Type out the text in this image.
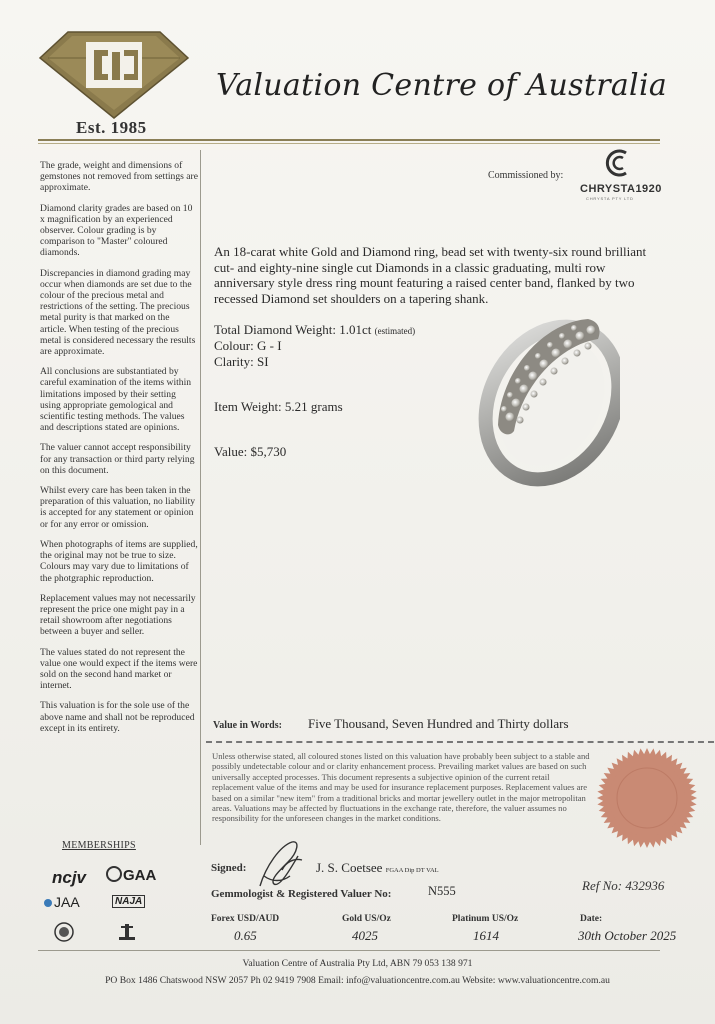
Est. 1985
Valuation Centre of Australia

The grade, weight and dimensions of gemstones not removed from settings are approximate.

Diamond clarity grades are based on 10 x magnification by an experienced observer. Colour grading is by comparison to "Master" coloured diamonds.

Discrepancies in diamond grading may occur when diamonds are set due to the colour of the precious metal and restrictions of the setting. The precious metal purity is that marked on the article. When testing of the precious metal is considered necessary the results are approximate.

All conclusions are substantiated by careful examination of the items within limitations imposed by their setting using appropriate gemological and scientific testing methods. The values and descriptions stated are opinions.

The valuer cannot accept responsibility for any transaction or third party relying on this document.

Whilst every care has been taken in the preparation of this valuation, no liability is accepted for any statement or opinion or for any error or omission.

When photographs of items are supplied, the original may not be true to size. Colours may vary due to limitations of the photgraphic reproduction.

Replacement values may not necessarily represent the price one might pay in a retail showroom after negotiations between a buyer and seller.

The values stated do not represent the value one would expect if the items were sold on the second hand market or internet.

This valuation is for the sole use of the above name and shall not be reproduced except in its entirety.

MEMBERSHIPS
ncjv	GAA
JAA	NAJA
Commissioned by:
CHRYSTA1920
CHRYSTA PTY LTD
An 18-carat white Gold and Diamond ring, bead set with twenty-six round brilliant cut- and eighty-nine single cut Diamonds in a classic graduating, multi row anniversary style dress ring mount featuring a raised center band, flanked by two recessed Diamond set shoulders on a tapering shank.
Total Diamond Weight: 1.01ct (estimated)
Colour: G - I
Clarity: SI
Item Weight: 5.21 grams
Value: $5,730
Value in Words: Five Thousand, Seven Hundred and Thirty dollars
Unless otherwise stated, all coloured stones listed on this valuation have probably been subject to a stable and possibly undetectable colour and or clarity enhancement process. Prevailing market values are based on such universally accepted processes. This document represents a subjective opinion of the current retail replacement value of the items and may be used for insurance replacement purposes. Replacement values are based on a similar "new item" from a traditional bricks and mortar jewellery outlet in the major metropolitan areas. Valuations may be affected by fluctuations in the exchange rate, therefore, the valuer assumes no responsibility for the unforeseen changes in the market conditions.
Signed:	J. S. Coetsee FGAA Dip DT VAL
Gemmologist & Registered Valuer No:	N555	Ref No: 432936
Forex USD/AUD
0.65
Gold US/Oz
4025
Platinum US/Oz
1614
Date:
30th October 2025
Valuation Centre of Australia Pty Ltd, ABN 79 053 138 971
PO Box 1486 Chatswood NSW 2057 Ph 02 9419 7908 Email: info@valuationcentre.com.au Website: www.valuationcentre.com.au
